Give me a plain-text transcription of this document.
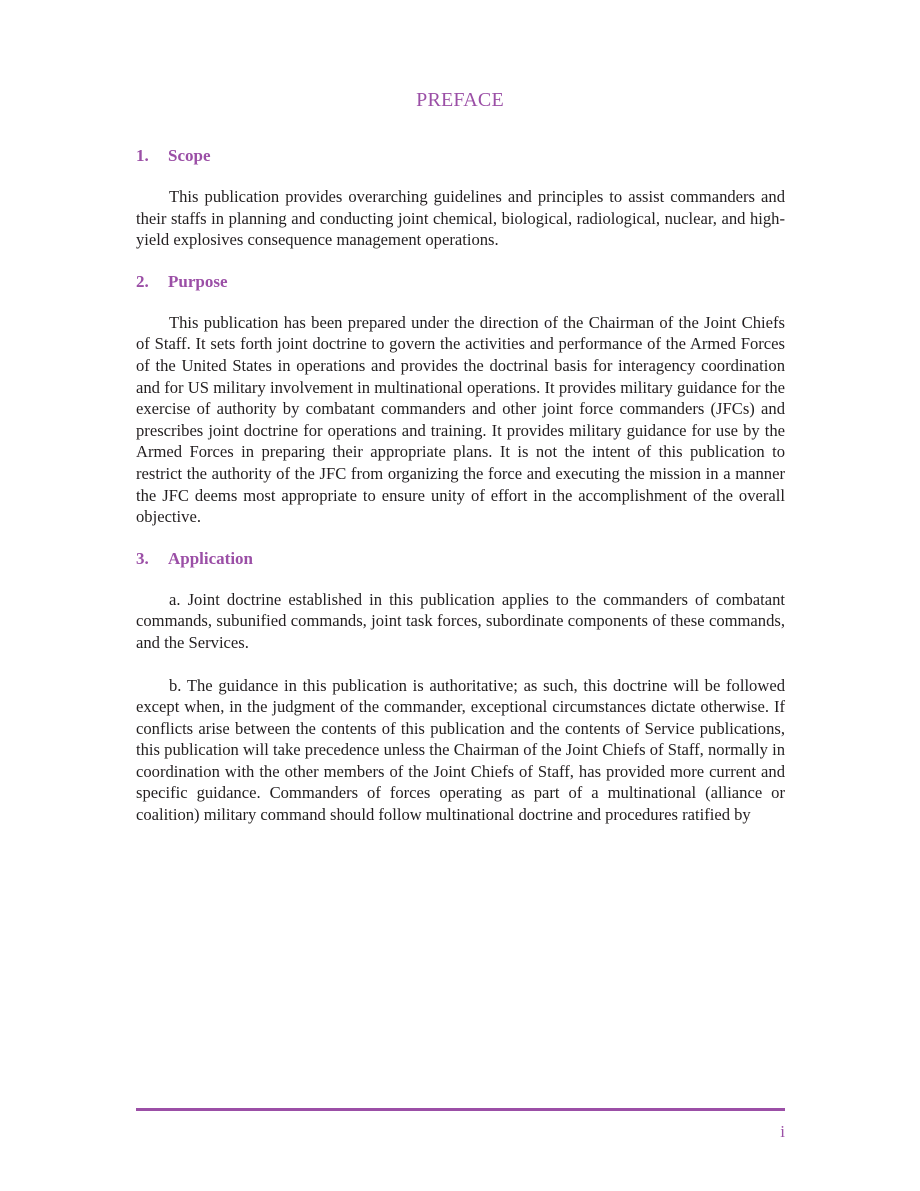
PREFACE

1. Scope

This publication provides overarching guidelines and principles to assist commanders and their staffs in planning and conducting joint chemical, biological, radiological, nuclear, and high-yield explosives consequence management operations.

2. Purpose

This publication has been prepared under the direction of the Chairman of the Joint Chiefs of Staff. It sets forth joint doctrine to govern the activities and performance of the Armed Forces of the United States in operations and provides the doctrinal basis for interagency coordination and for US military involvement in multinational operations. It provides military guidance for the exercise of authority by combatant commanders and other joint force commanders (JFCs) and prescribes joint doctrine for operations and training. It provides military guidance for use by the Armed Forces in preparing their appropriate plans. It is not the intent of this publication to restrict the authority of the JFC from organizing the force and executing the mission in a manner the JFC deems most appropriate to ensure unity of effort in the accomplishment of the overall objective.

3. Application

a. Joint doctrine established in this publication applies to the commanders of combatant commands, subunified commands, joint task forces, subordinate components of these commands, and the Services.

b. The guidance in this publication is authoritative; as such, this doctrine will be followed except when, in the judgment of the commander, exceptional circumstances dictate otherwise. If conflicts arise between the contents of this publication and the contents of Service publications, this publication will take precedence unless the Chairman of the Joint Chiefs of Staff, normally in coordination with the other members of the Joint Chiefs of Staff, has provided more current and specific guidance. Commanders of forces operating as part of a multinational (alliance or coalition) military command should follow multinational doctrine and procedures ratified by

i
